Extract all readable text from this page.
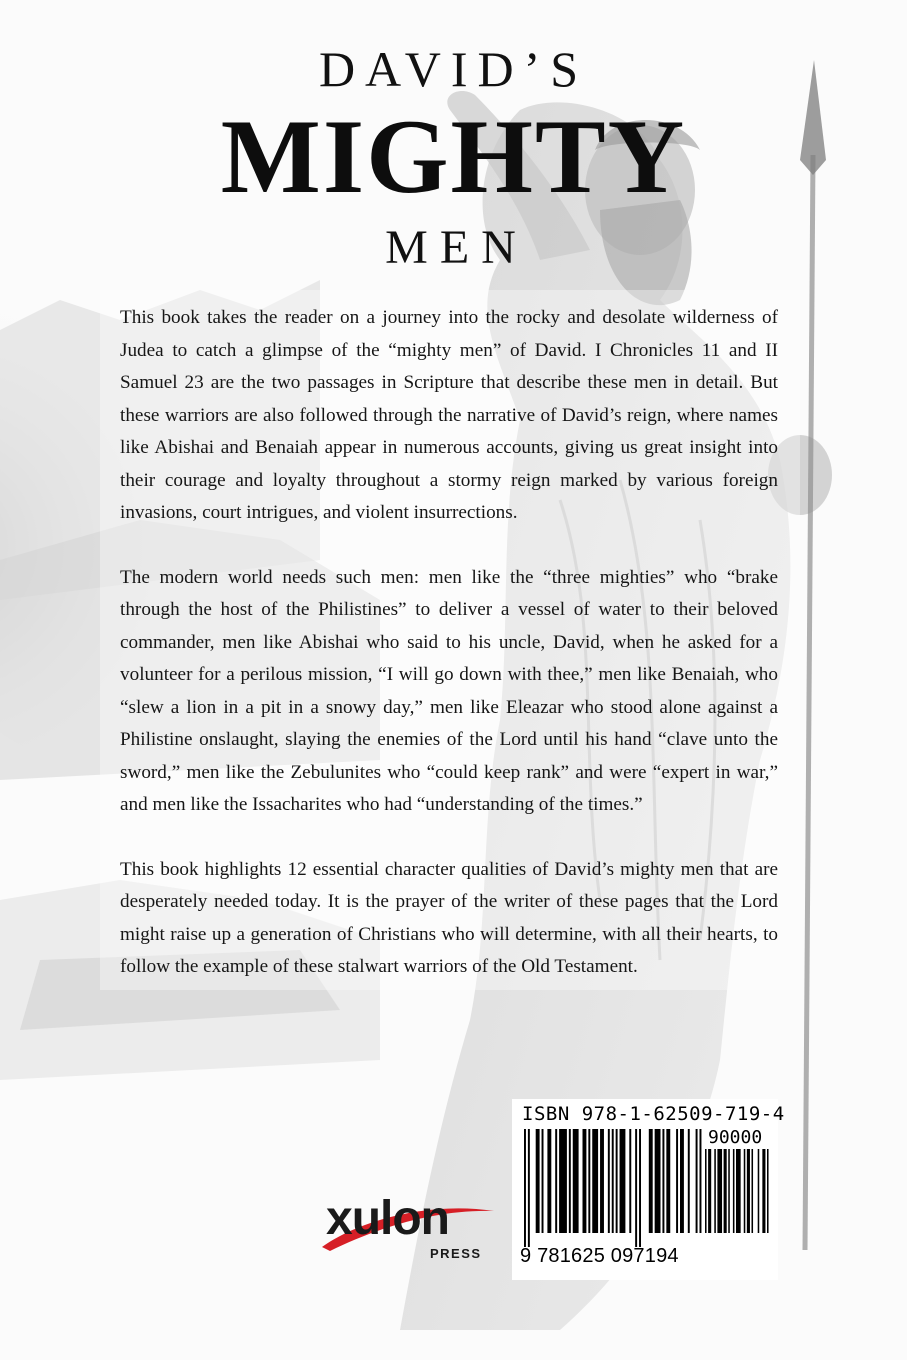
DAVID’S
MIGHTY
MEN

This book takes the reader on a journey into the rocky and desolate wilderness of Judea to catch a glimpse of the “mighty men” of David. I Chronicles 11 and II Samuel 23 are the two passages in Scripture that describe these men in detail. But these warriors are also followed through the narrative of David’s reign, where names like Abishai and Benaiah appear in numerous accounts, giving us great insight into their courage and loyalty throughout a stormy reign marked by various foreign invasions, court intrigues, and violent insurrections.

The modern world needs such men: men like the “three mighties” who “brake through the host of the Philistines” to deliver a vessel of water to their beloved commander, men like Abishai who said to his uncle, David, when he asked for a volunteer for a perilous mission, “I will go down with thee,” men like Benaiah, who “slew a lion in a pit in a snowy day,” men like Eleazar who stood alone against a Philistine onslaught, slaying the enemies of the Lord until his hand “clave unto the sword,” men like the Zebulunites who “could keep rank” and were “expert in war,” and men like the Issacharites who had “understanding of the times.”

This book highlights 12 essential character qualities of David’s mighty men that are desperately needed today. It is the prayer of the writer of these pages that the Lord might raise up a generation of Christians who will determine, with all their hearts, to follow the example of these stalwart warriors of the Old Testament.

xulon
PRESS
ISBN 978-1-62509-719-4
90000
9 781625 097194
